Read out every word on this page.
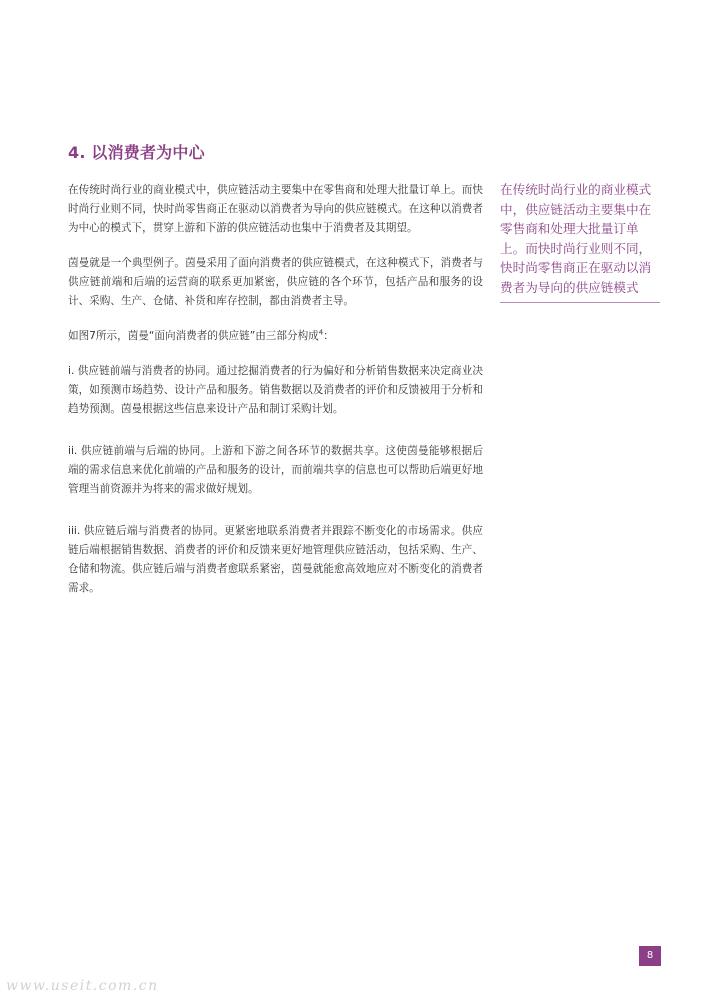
4. 以消费者为中心

在传统时尚行业的商业模式中，供应链活动主要集中在零售商和处理大批量订单上。而快时尚行业则不同，快时尚零售商正在驱动以消费者为导向的供应链模式。在这种以消费者为中心的模式下，贯穿上游和下游的供应链活动也集中于消费者及其期望。

茵曼就是一个典型例子。茵曼采用了面向消费者的供应链模式，在这种模式下，消费者与供应链前端和后端的运营商的联系更加紧密，供应链的各个环节，包括产品和服务的设计、采购、生产、仓储、补货和库存控制，都由消费者主导。

如图7所示，茵曼“面向消费者的供应链”由三部分构成$^4$：

i. 供应链前端与消费者的协同。通过挖掘消费者的行为偏好和分析销售数据来决定商业决策，如预测市场趋势、设计产品和服务。销售数据以及消费者的评价和反馈被用于分析和趋势预测。茵曼根据这些信息来设计产品和制订采购计划。

ii. 供应链前端与后端的协同。上游和下游之间各环节的数据共享。这使茵曼能够根据后端的需求信息来优化前端的产品和服务的设计，而前端共享的信息也可以帮助后端更好地管理当前资源并为将来的需求做好规划。

iii. 供应链后端与消费者的协同。更紧密地联系消费者并跟踪不断变化的市场需求。供应链后端根据销售数据、消费者的评价和反馈来更好地管理供应链活动，包括采购、生产、仓储和物流。供应链后端与消费者愈联系紧密，茵曼就能愈高效地应对不断变化的消费者需求。

在传统时尚行业的商业模式中，供应链活动主要集中在零售商和处理大批量订单上。而快时尚行业则不同，快时尚零售商正在驱动以消费者为导向的供应链模式
8
www.useit.com.cn
